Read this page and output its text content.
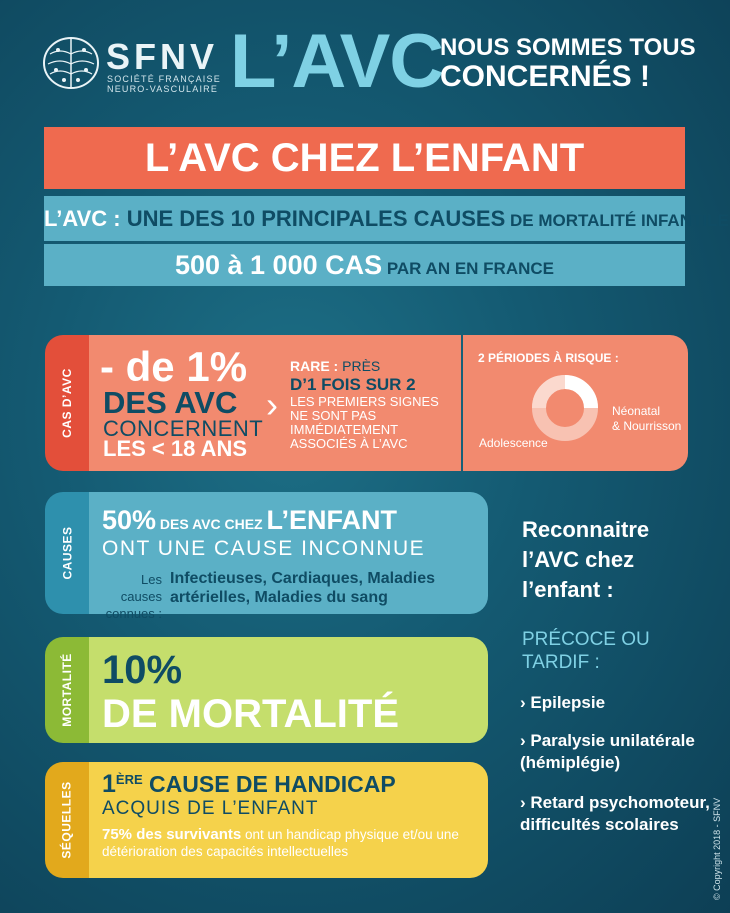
SFNV
SOCIÉTÉ FRANÇAISE
NEURO-VASCULAIRE L’AVC
NOUS SOMMES TOUS
CONCERNÉS !
L’AVC CHEZ L’ENFANT
L’AVC : UNE DES 10 PRINCIPALES CAUSES DE MORTALITÉ INFANTILE
500 à 1 000 CAS PAR AN EN FRANCE
CAS D’AVC
- de 1%
DES AVC
CONCERNENT
LES < 18 ANS
›
RARE : PRÈS
D’1 FOIS SUR 2
LES PREMIERS SIGNES NE SONT PAS IMMÉDIATEMENT ASSOCIÉS À L’AVC
2 PÉRIODES À RISQUE :
Néonatal
& Nourrisson
Adolescence
CAUSES
50% DES AVC CHEZ L’ENFANT
ONT UNE CAUSE INCONNUE
Les causes connues :
Infectieuses, Cardiaques, Maladies artérielles, Maladies du sang
MORTALITÉ 10%
DE MORTALITÉ
SÉQUELLES 1ÈRE CAUSE DE HANDICAP
ACQUIS DE L’ENFANT
75% des survivants ont un handicap physique et/ou une détérioration des capacités intellectuelles
Reconnaitre l’AVC chez l’enfant :
PRÉCOCE OU TARDIF :
› Epilepsie
› Paralysie unilatérale (hémiplégie)
› Retard psychomoteur, difficultés scolaires	© Copyright 2018 - SFNV
